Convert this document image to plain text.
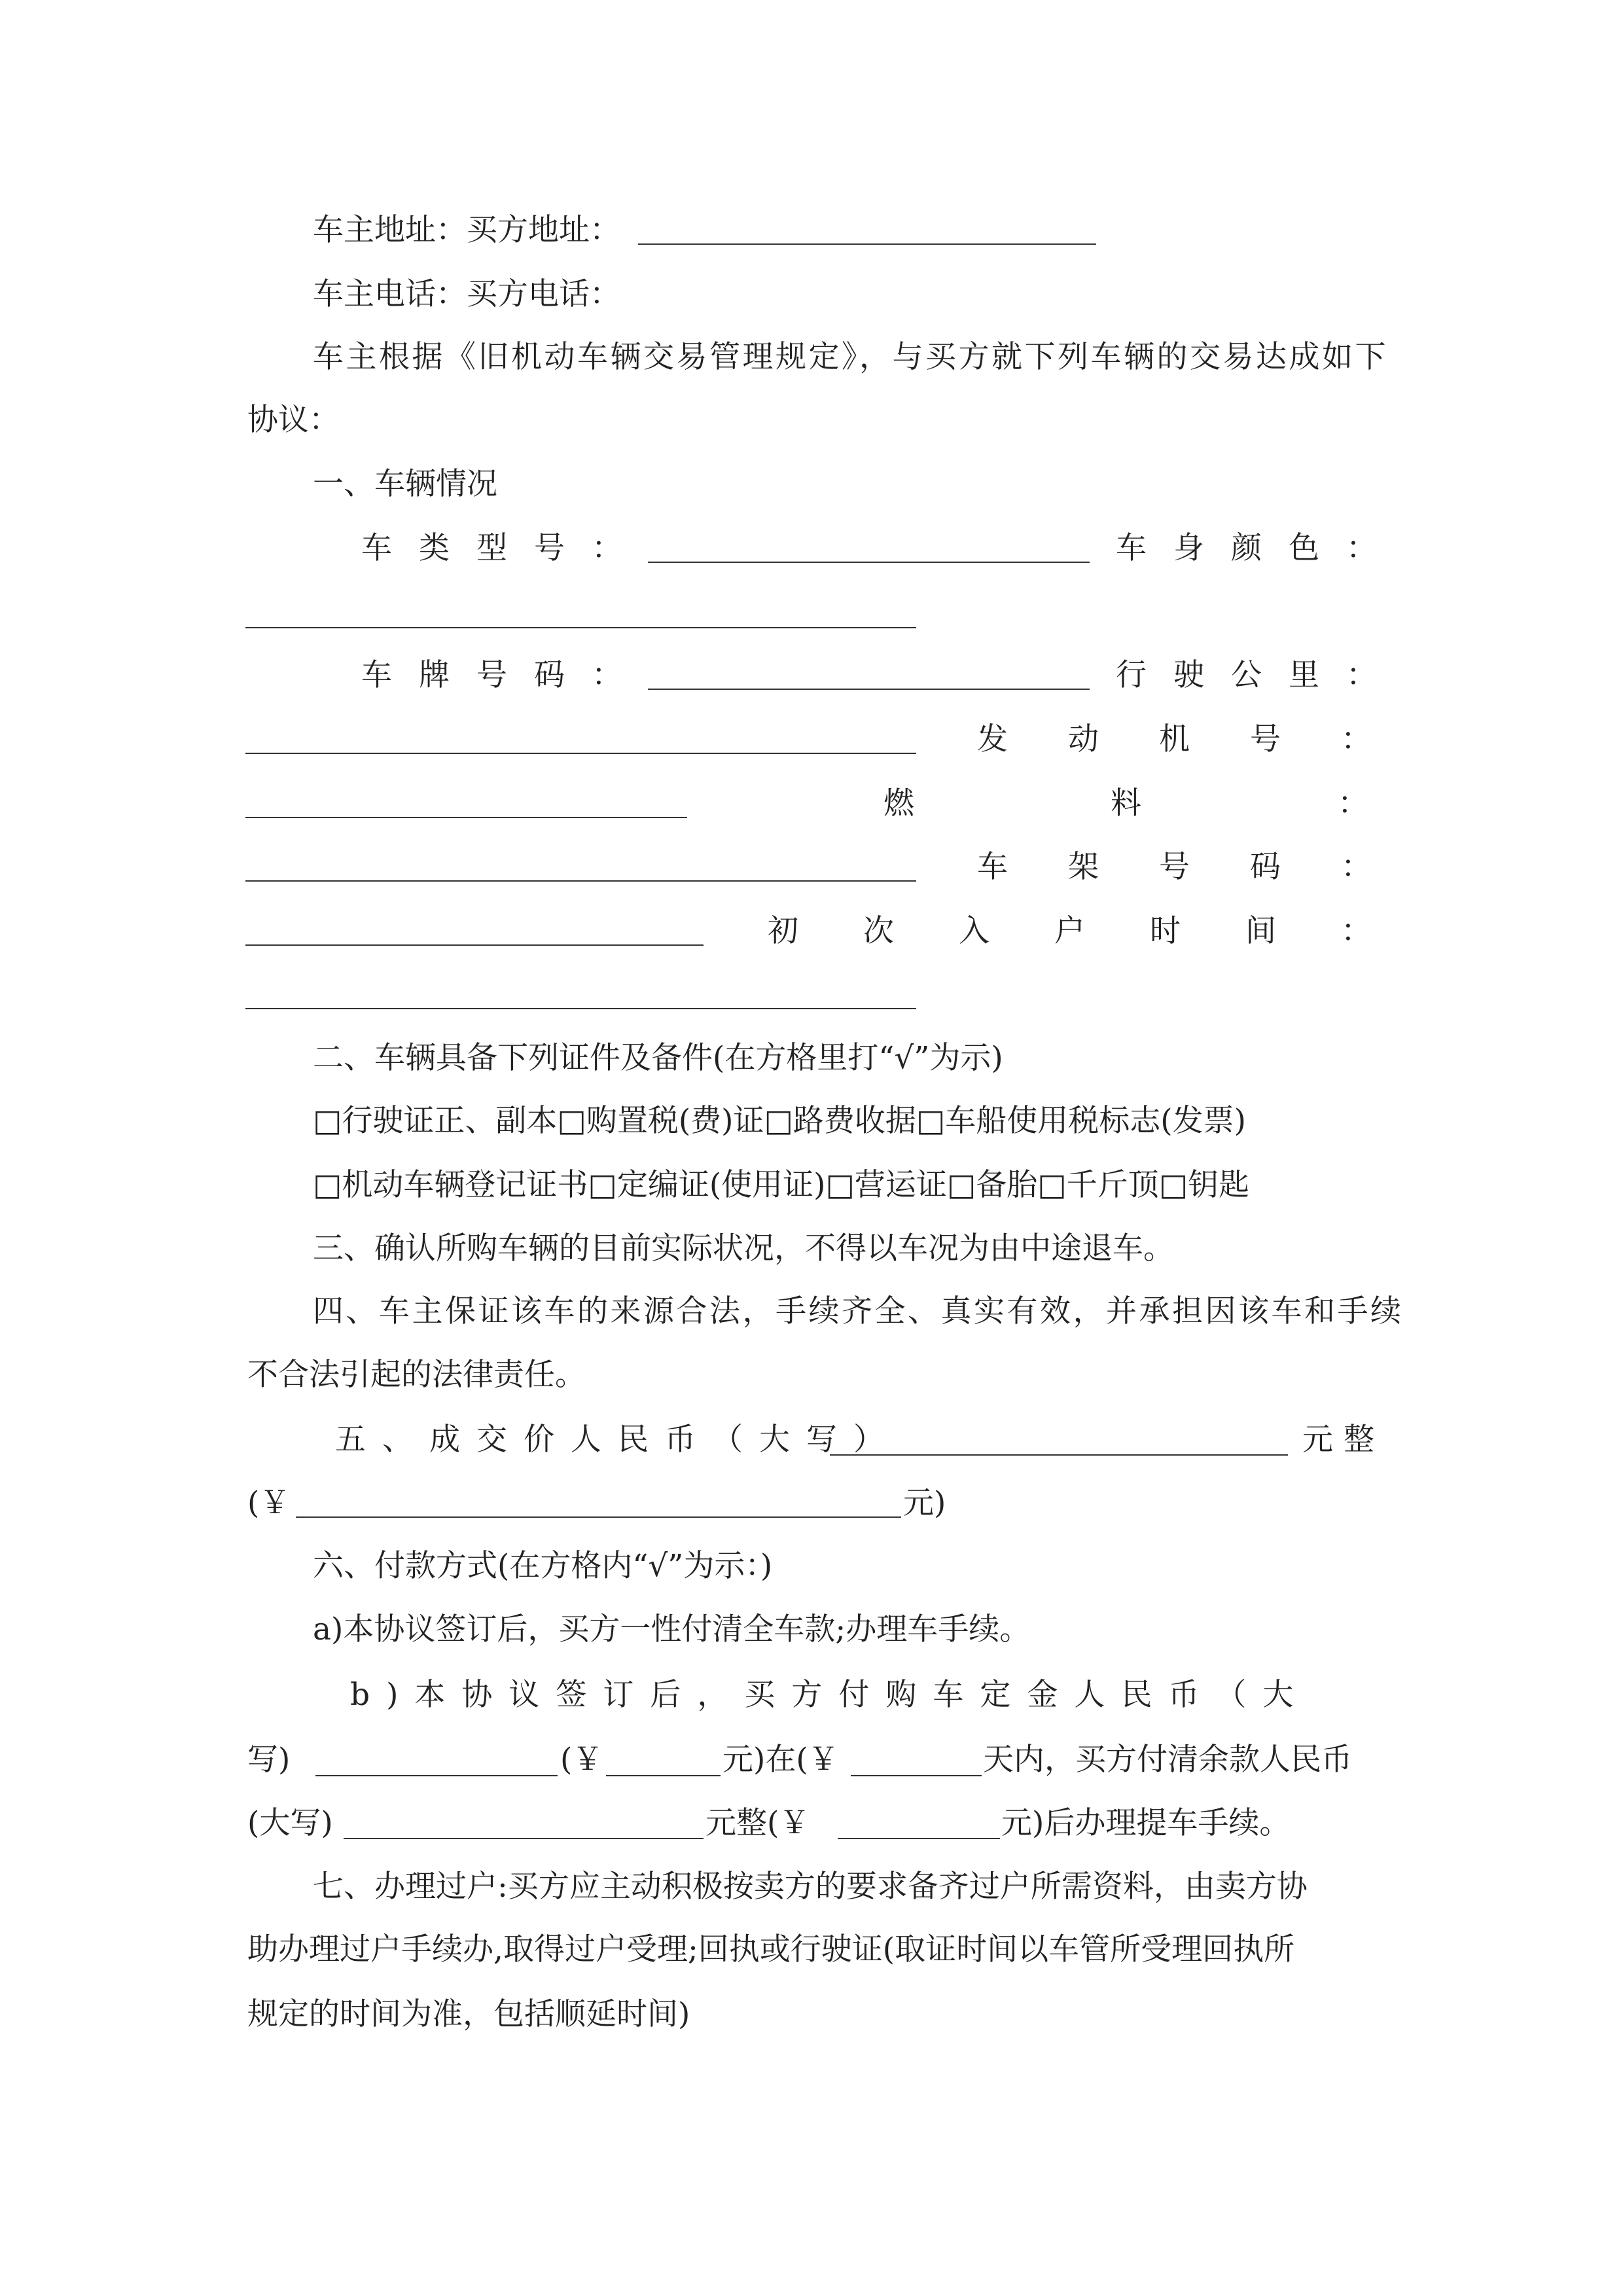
车主地址：买方地址：
车主电话：买方电话：
车主根据《旧机动车辆交易管理规定》，与买方就下列车辆的交易达成如下
协议：
一、车辆情况
车类型号：	车身颜色：
车牌号码：	行驶公里：
发动机号：
燃料：
车架号码：
初次入户时间：
二、车辆具备下列证件及备件(在方格里打“√”为示)
□行驶证正、副本□购置税(费)证□路费收据□车船使用税标志(发票)
□机动车辆登记证书□定编证(使用证)□营运证□备胎□千斤顶□钥匙
三、确认所购车辆的目前实际状况，不得以车况为由中途退车。
四、车主保证该车的来源合法，手续齐全、真实有效，并承担因该车和手续
不合法引起的法律责任。
五、成交价人民币（大写）	元整
(￥	元)
六、付款方式(在方格内“√”为示：)
a)本协议签订后，买方一性付清全车款;办理车手续。
b)本协议签订后，买方付购车定金人民币（大
写)	(￥	元)在(￥	天内，买方付清余款人民币
(大写)	元整(￥	元)后办理提车手续。
七、办理过户:买方应主动积极按卖方的要求备齐过户所需资料，由卖方协
助办理过户手续办,取得过户受理;回执或行驶证(取证时间以车管所受理回执所
规定的时间为准，包括顺延时间)
